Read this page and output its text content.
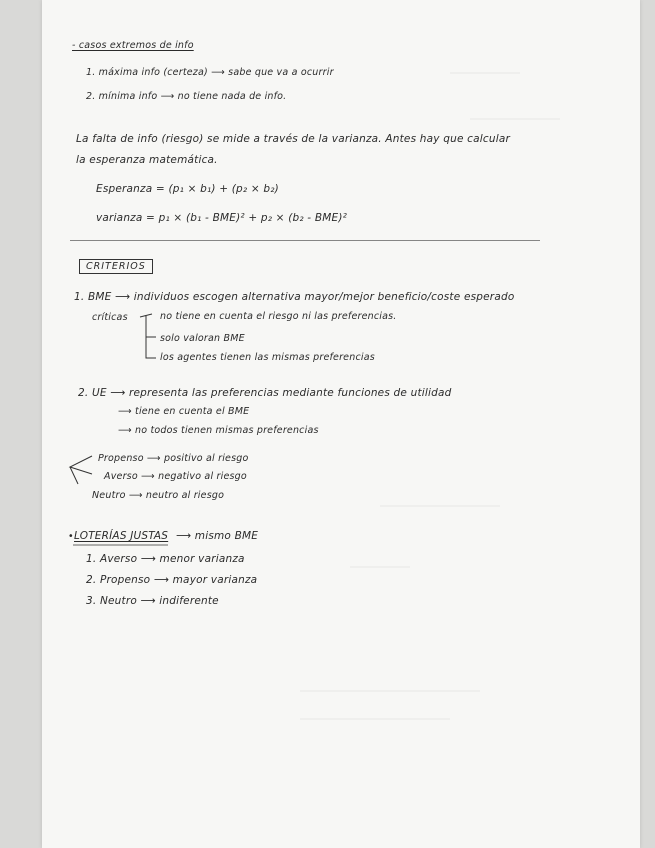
- casos extremos de info
1. máxima info (certeza) ⟶ sabe que va a ocurrir
2. mínima info ⟶ no tiene nada de info.
La falta de info (riesgo) se mide a través de la varianza. Antes hay que calcular
la esperanza matemática.
Esperanza = (p₁ × b₁) + (p₂ × b₂)
varianza = p₁ × (b₁ - BME)² + p₂ × (b₂ - BME)²
CRITERIOS
1. BME ⟶ individuos escogen alternativa mayor/mejor beneficio/coste esperado
críticas	no tiene en cuenta el riesgo ni las preferencias.
solo valoran BME
los agentes tienen las mismas preferencias
2. UE ⟶ representa las preferencias mediante funciones de utilidad
⟶ tiene en cuenta el BME
⟶ no todos tienen mismas preferencias
Propenso ⟶ positivo al riesgo
Averso ⟶ negativo al riesgo
Neutro ⟶ neutro al riesgo
• LOTERÍAS JUSTAS ⟶ mismo BME
1. Averso ⟶ menor varianza
2. Propenso ⟶ mayor varianza
3. Neutro ⟶ indiferente
